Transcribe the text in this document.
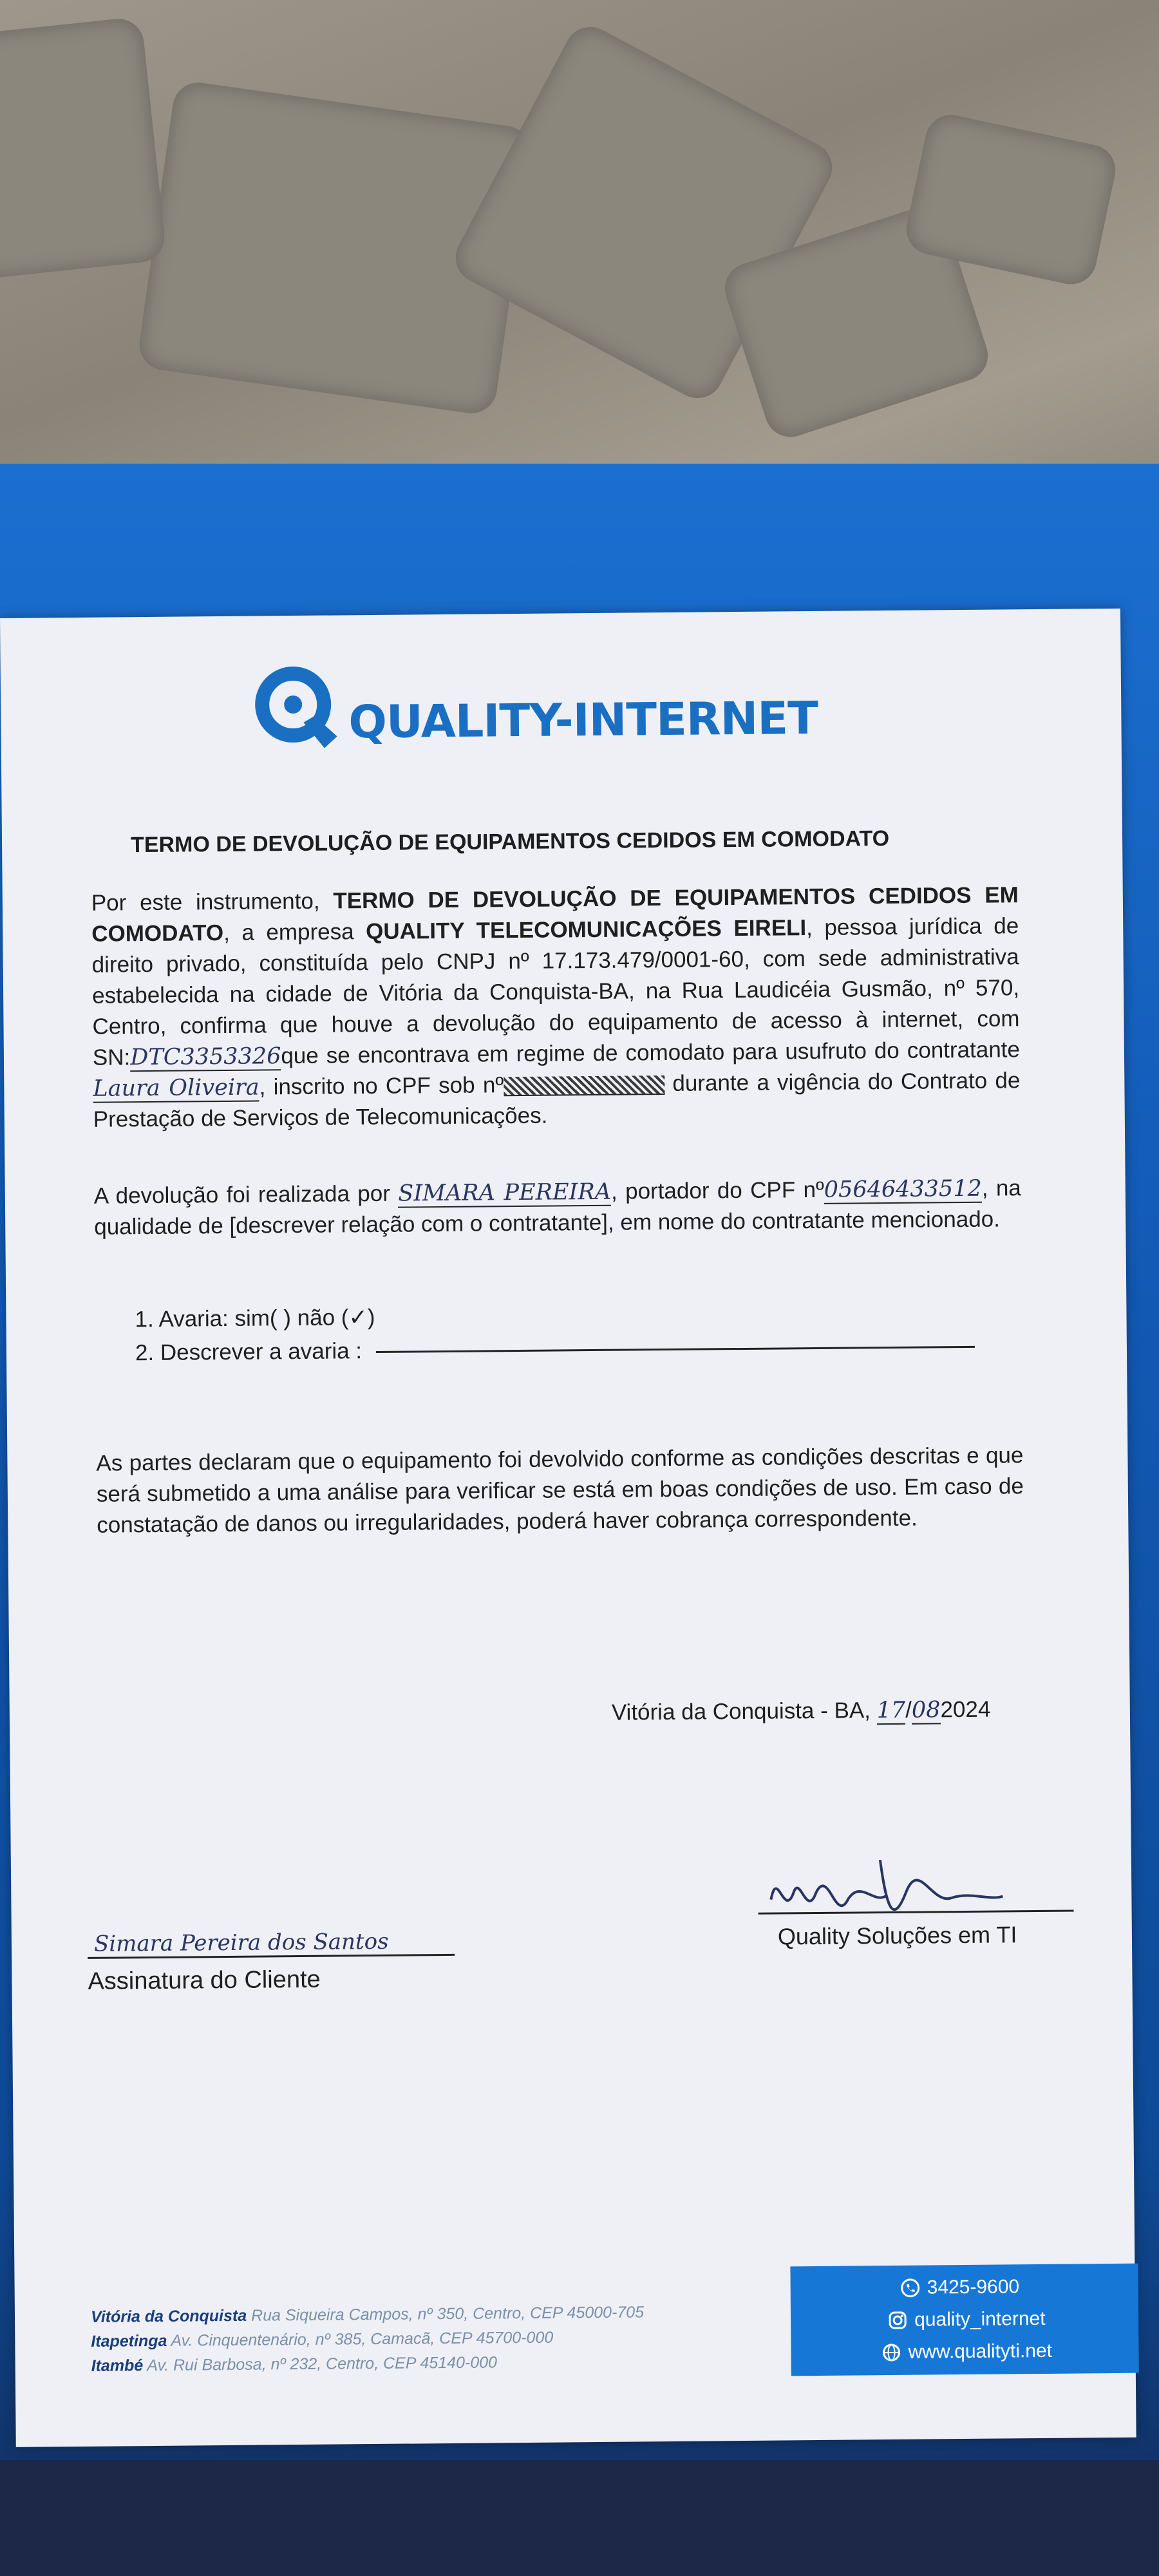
QUALITY-INTERNET
TERMO DE DEVOLUÇÃO DE EQUIPAMENTOS CEDIDOS EM COMODATO
Por este instrumento, TERMO DE DEVOLUÇÃO DE EQUIPAMENTOS CEDIDOS EM COMODATO, a empresa QUALITY TELECOMUNICAÇÕES EIRELI, pessoa jurídica de direito privado, constituída pelo CNPJ nº 17.173.479/0001-60, com sede administrativa estabelecida na cidade de Vitória da Conquista-BA, na Rua Laudicéia Gusmão, nº 570, Centro, confirma que houve a devolução do equipamento de acesso à internet, com SN:DTC3353326que se encontrava em regime de comodato para usufruto do contratante Laura Oliveira, inscrito no CPF sob nº	durante a vigência do Contrato de Prestação de Serviços de Telecomunicações.
A devolução foi realizada por SIMARA PEREIRA, portador do CPF nº05646433512, na qualidade de [descrever relação com o contratante], em nome do contratante mencionado.
1. Avaria: sim( ) não (✓)
2. Descrever a avaria :
As partes declaram que o equipamento foi devolvido conforme as condições descritas e que será submetido a uma análise para verificar se está em boas condições de uso. Em caso de constatação de danos ou irregularidades, poderá haver cobrança correspondente.
Vitória da Conquista - BA, 17/082024
Quality Soluções em TI
Simara Pereira dos Santos
Assinatura do Cliente
Vitória da Conquista Rua Siqueira Campos, nº 350, Centro, CEP 45000-705
Itapetinga Av. Cinquentenário, nº 385, Camacã, CEP 45700-000
Itambé Av. Rui Barbosa, nº 232, Centro, CEP 45140-000
3425-9600
quality_internet
www.qualityti.net
